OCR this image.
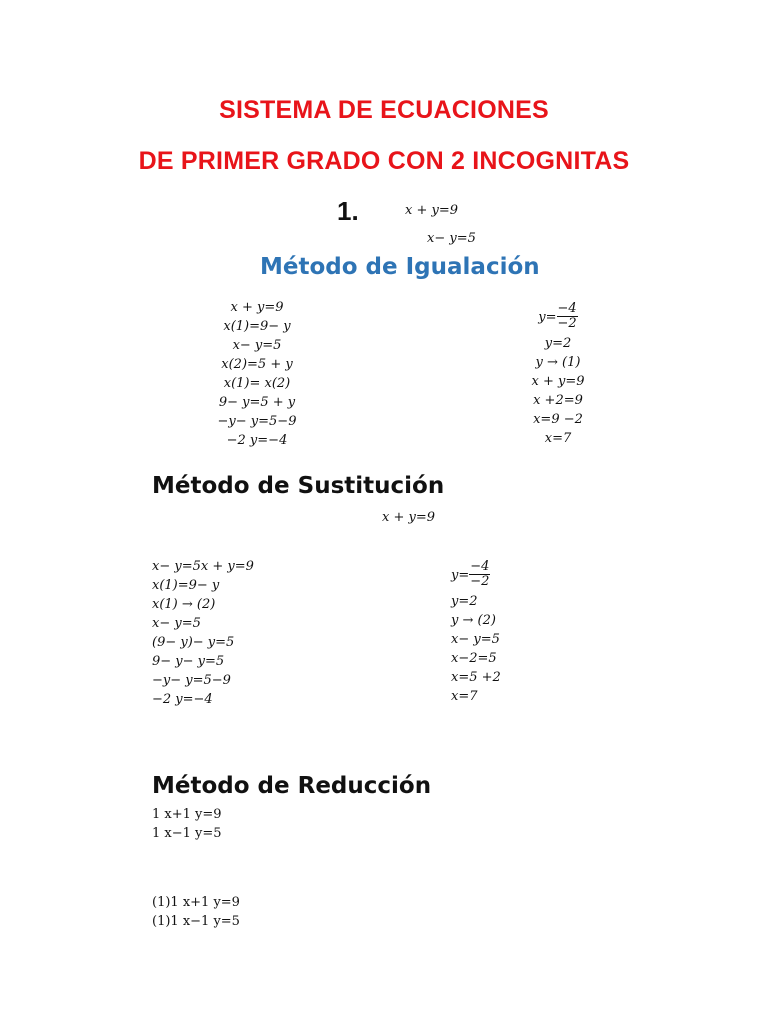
SISTEMA DE ECUACIONES
DE PRIMER GRADO CON 2 INCOGNITAS
1.	x + y=9
x− y=5
Método de Igualación
x + y=9
x(1)=9− y
x− y=5
x(2)=5 + y
x(1)= x(2)
9− y=5 + y
−y− y=5−9
−2 y=−4
$y= \frac{-4}{-2}$
y=2
y → (1)
x + y=9
x +2=9
x=9 −2
x=7
Método de Sustitución
x + y=9
x− y=5x + y=9
x(1)=9− y
x(1) → (2)
x− y=5
(9− y)− y=5
9− y− y=5
−y− y=5−9
−2 y=−4
$y= \frac{-4}{-2}$
y=2
y → (2)
x− y=5
x−2=5
x=5 +2
x=7
Método de Reducción
1 x+1 y=9
1 x−1 y=5
(1)1 x+1 y=9
(1)1 x−1 y=5
